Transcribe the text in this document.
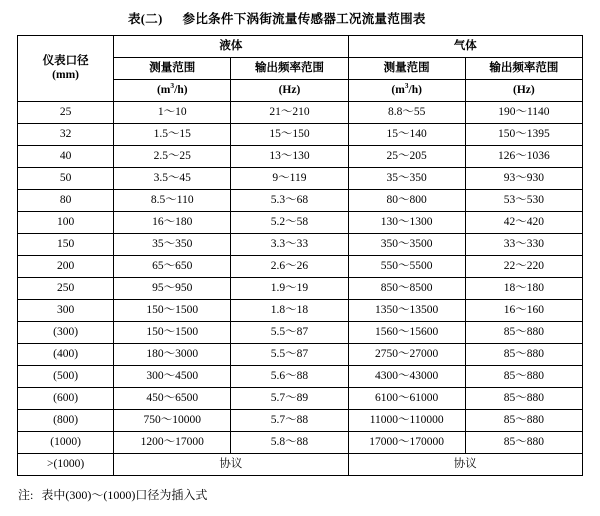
表(二) 参比条件下涡街流量传感器工况流量范围表
仪表口径
(mm)	液体		气体	
	测量范围	输出频率范围	测量范围	输出频率范围
	$(m^3/h)$	(Hz)	$(m^3/h)$	(Hz)
25	1～10	21～210	8.8～55	190～1140
32	1.5～15	15～150	15～140	150～1395
40	2.5～25	13～130	25～205	126～1036
50	3.5～45	9～119	35～350	93～930
80	8.5～110	5.3～68	80～800	53～530
100	16～180	5.2～58	130～1300	42～420
150	35～350	3.3～33	350～3500	33～330
200	65～650	2.6～26	550～5500	22～220
250	95～950	1.9～19	850～8500	18～180
300	150～1500	1.8～18	1350～13500	16～160
(300)	150～1500	5.5～87	1560～15600	85～880
(400)	180～3000	5.5～87	2750～27000	85～880
(500)	300～4500	5.6～88	4300～43000	85～880
(600)	450～6500	5.7～89	6100～61000	85～880
(800)	750～10000	5.7～88	11000～110000	85～880
(1000)	1200～17000	5.8～88	17000～170000	85～880
>(1000)	协议		协议	
注: 表中(300)～(1000)口径为插入式
